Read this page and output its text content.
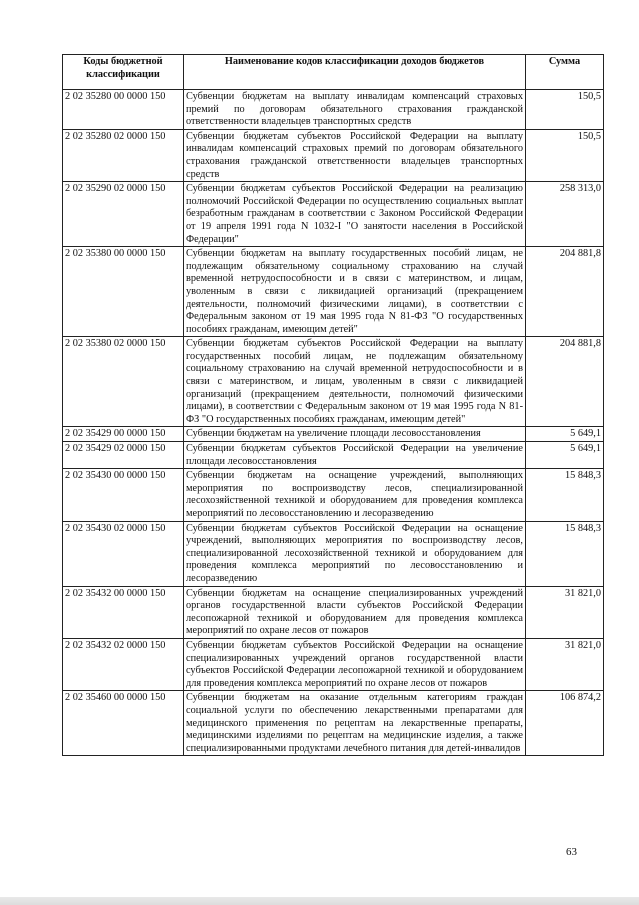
Коды бюджетной классификации	Наименование кодов классификации доходов бюджетов	Сумма
2 02 35280 00 0000 150	Субвенции бюджетам на выплату инвалидам компенсаций страховых премий по договорам обязательного страхования гражданской ответственности владельцев транспортных средств	150,5
2 02 35280 02 0000 150	Субвенции бюджетам субъектов Российской Федерации на выплату инвалидам компенсаций страховых премий по договорам обязательного страхования гражданской ответственности владельцев транспортных средств	150,5
2 02 35290 02 0000 150	Субвенции бюджетам субъектов Российской Федерации на реализацию полномочий Российской Федерации по осуществлению социальных выплат безработным гражданам в соответствии с Законом Российской Федерации от 19 апреля 1991 года N 1032-I "О занятости населения в Российской Федерации"	258 313,0
2 02 35380 00 0000 150	Субвенции бюджетам на выплату государственных пособий лицам, не подлежащим обязательному социальному страхованию на случай временной нетрудоспособности и в связи с материнством, и лицам, уволенным в связи с ликвидацией организаций (прекращением деятельности, полномочий физическими лицами), в соответствии с Федеральным законом от 19 мая 1995 года N 81-ФЗ "О государственных пособиях гражданам, имеющим детей"	204 881,8
2 02 35380 02 0000 150	Субвенции бюджетам субъектов Российской Федерации на выплату государственных пособий лицам, не подлежащим обязательному социальному страхованию на случай временной нетрудоспособности и в связи с материнством, и лицам, уволенным в связи с ликвидацией организаций (прекращением деятельности, полномочий физическими лицами), в соответствии с Федеральным законом от 19 мая 1995 года N 81-ФЗ "О государственных пособиях гражданам, имеющим детей"	204 881,8
2 02 35429 00 0000 150	Субвенции бюджетам на увеличение площади лесовосстановления	5 649,1
2 02 35429 02 0000 150	Субвенции бюджетам субъектов Российской Федерации на увеличение площади лесовосстановления	5 649,1
2 02 35430 00 0000 150	Субвенции бюджетам на оснащение учреждений, выполняющих мероприятия по воспроизводству лесов, специализированной лесохозяйственной техникой и оборудованием для проведения комплекса мероприятий по лесовосстановлению и лесоразведению	15 848,3
2 02 35430 02 0000 150	Субвенции бюджетам субъектов Российской Федерации на оснащение учреждений, выполняющих мероприятия по воспроизводству лесов, специализированной лесохозяйственной техникой и оборудованием для проведения комплекса мероприятий по лесовосстановлению и лесоразведению	15 848,3
2 02 35432 00 0000 150	Субвенции бюджетам на оснащение специализированных учреждений органов государственной власти субъектов Российской Федерации лесопожарной техникой и оборудованием для проведения комплекса мероприятий по охране лесов от пожаров	31 821,0
2 02 35432 02 0000 150	Субвенции бюджетам субъектов Российской Федерации на оснащение специализированных учреждений органов государственной власти субъектов Российской Федерации лесопожарной техникой и оборудованием для проведения комплекса мероприятий по охране лесов от пожаров	31 821,0
2 02 35460 00 0000 150	Субвенции бюджетам на оказание отдельным категориям граждан социальной услуги по обеспечению лекарственными препаратами для медицинского применения по рецептам на лекарственные препараты, медицинскими изделиями по рецептам на медицинские изделия, а также специализированными продуктами лечебного питания для детей-инвалидов	106 874,2
63
